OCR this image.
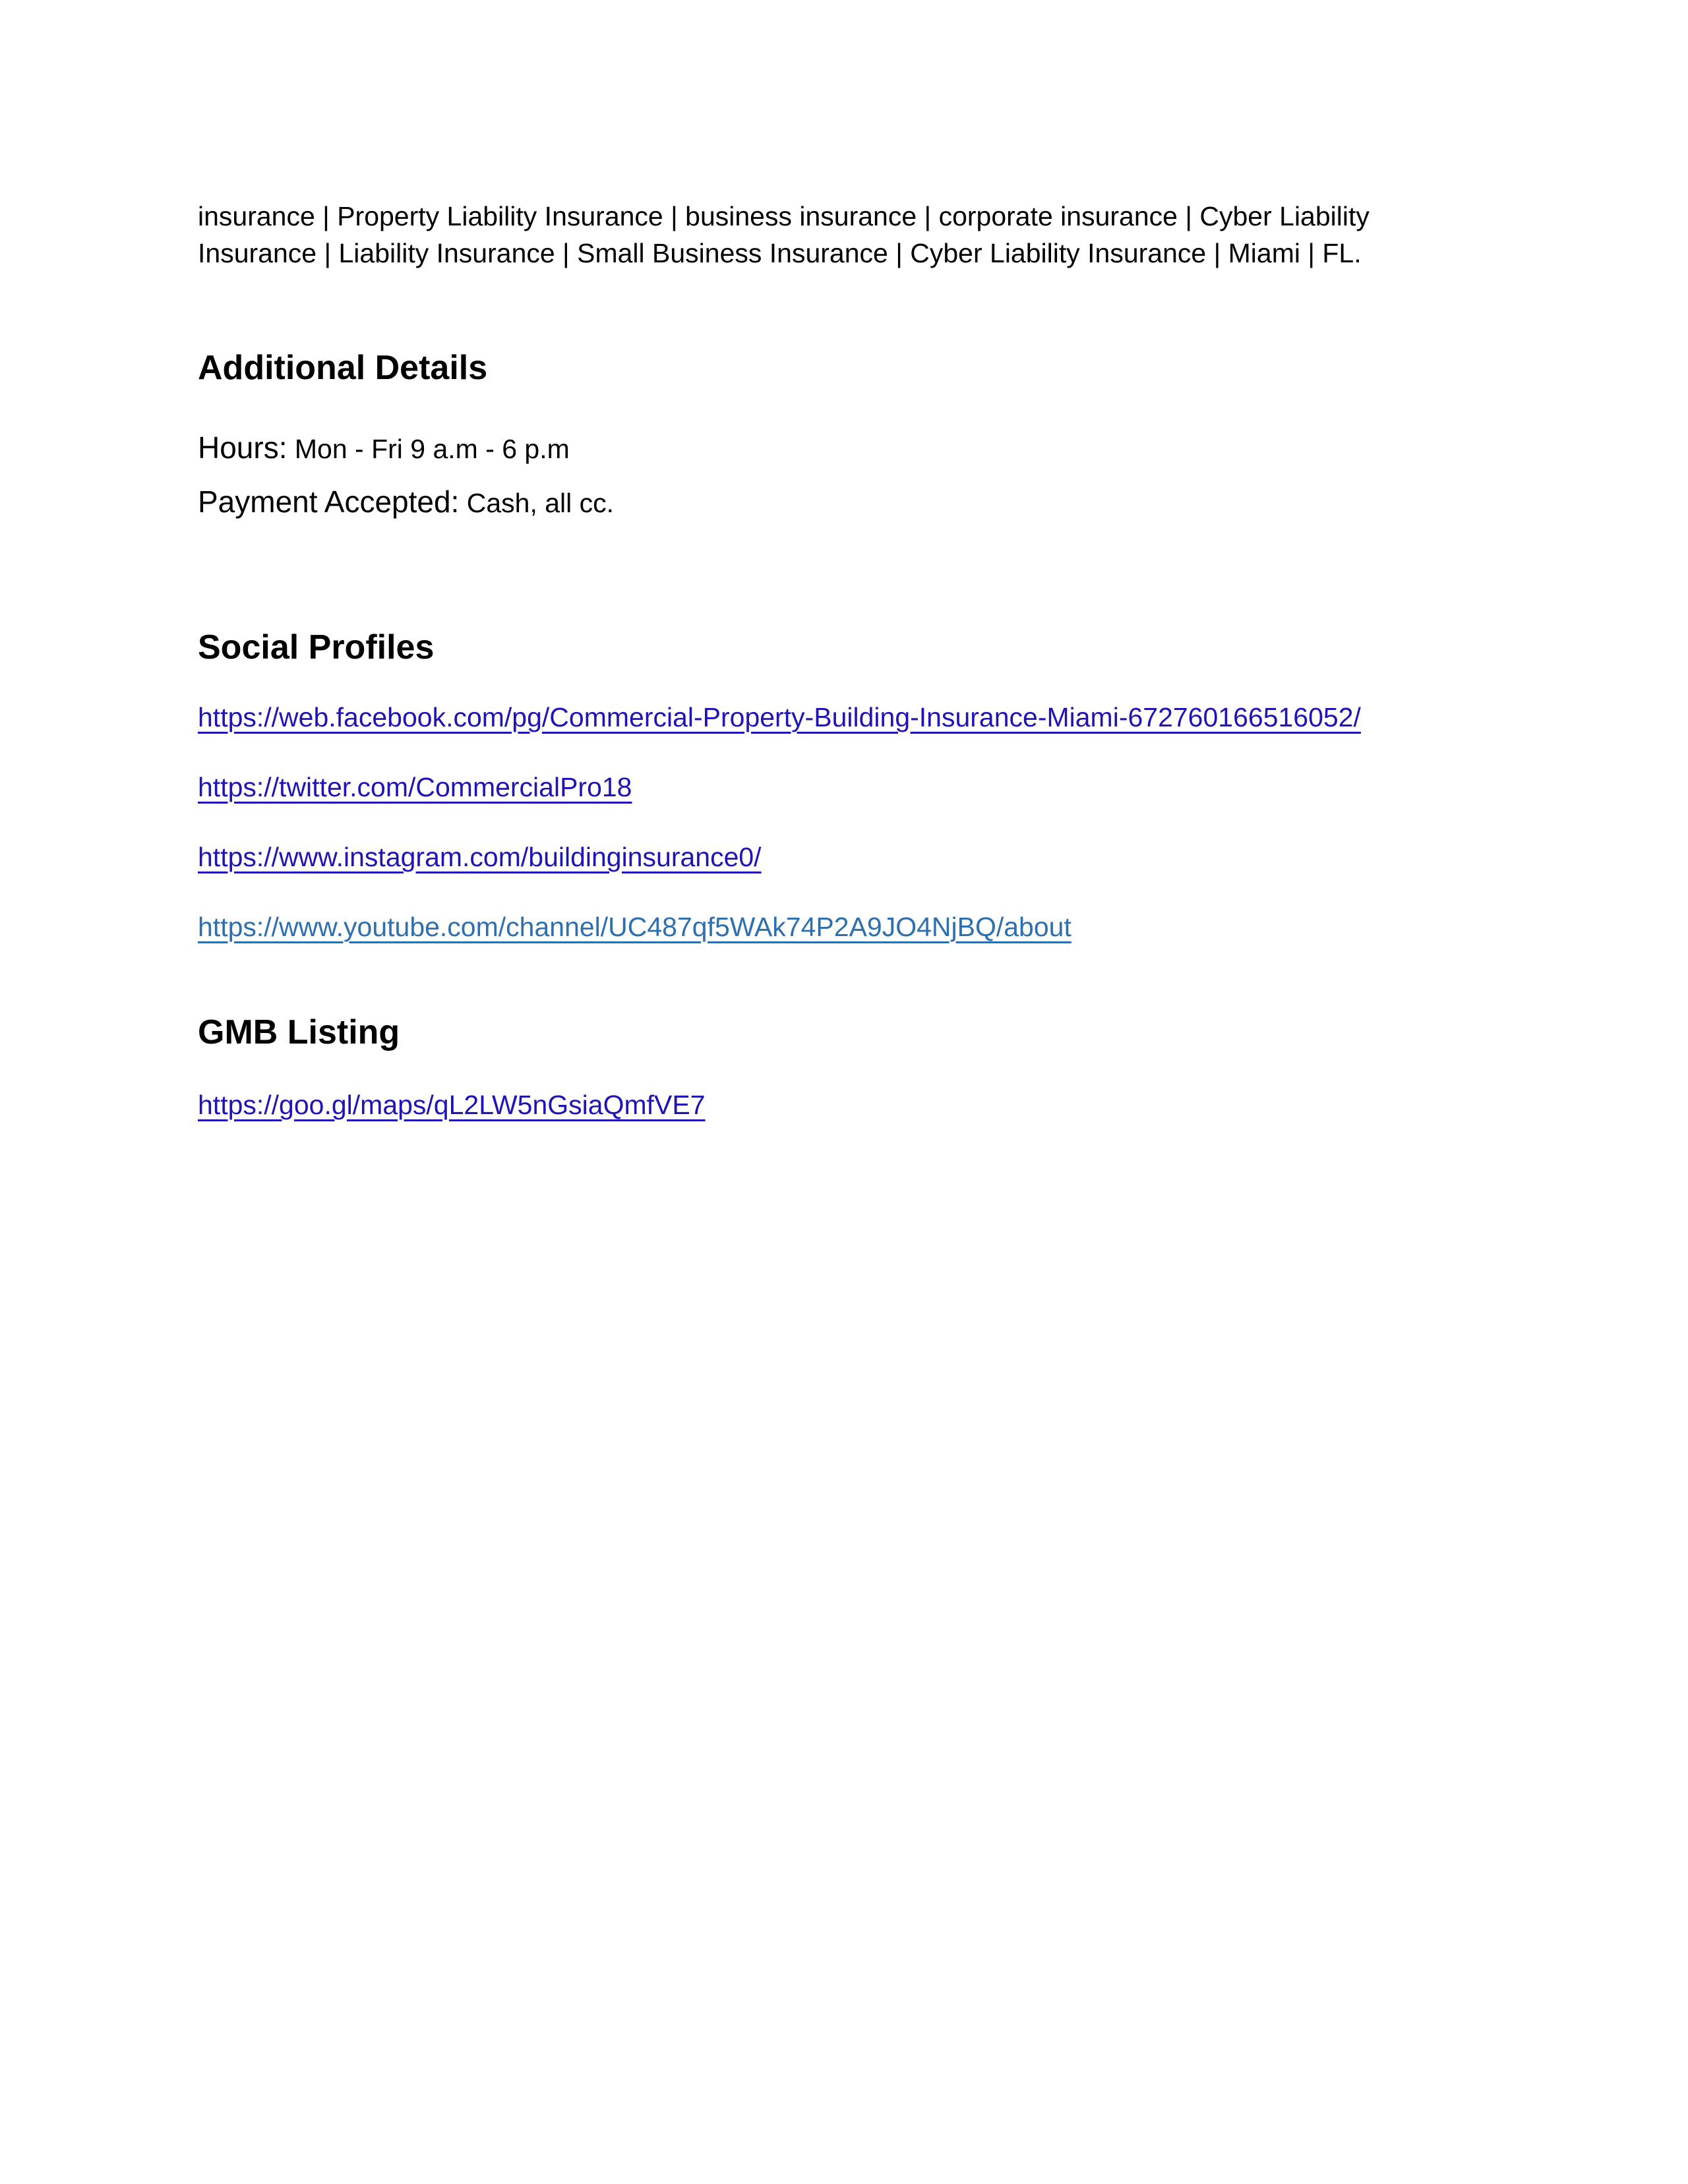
insurance | Property Liability Insurance | business insurance | corporate insurance | Cyber Liability
Insurance | Liability Insurance | Small Business Insurance | Cyber Liability Insurance | Miami | FL.

Additional Details
Hours: Mon - Fri 9 a.m - 6 p.m
Payment Accepted: Cash, all cc.
Social Profiles
https://web.facebook.com/pg/Commercial-Property-Building-Insurance-Miami-672760166516052/
https://twitter.com/CommercialPro18
https://www.instagram.com/buildinginsurance0/
https://www.youtube.com/channel/UC487qf5WAk74P2A9JO4NjBQ/about
GMB Listing
https://goo.gl/maps/qL2LW5nGsiaQmfVE7
